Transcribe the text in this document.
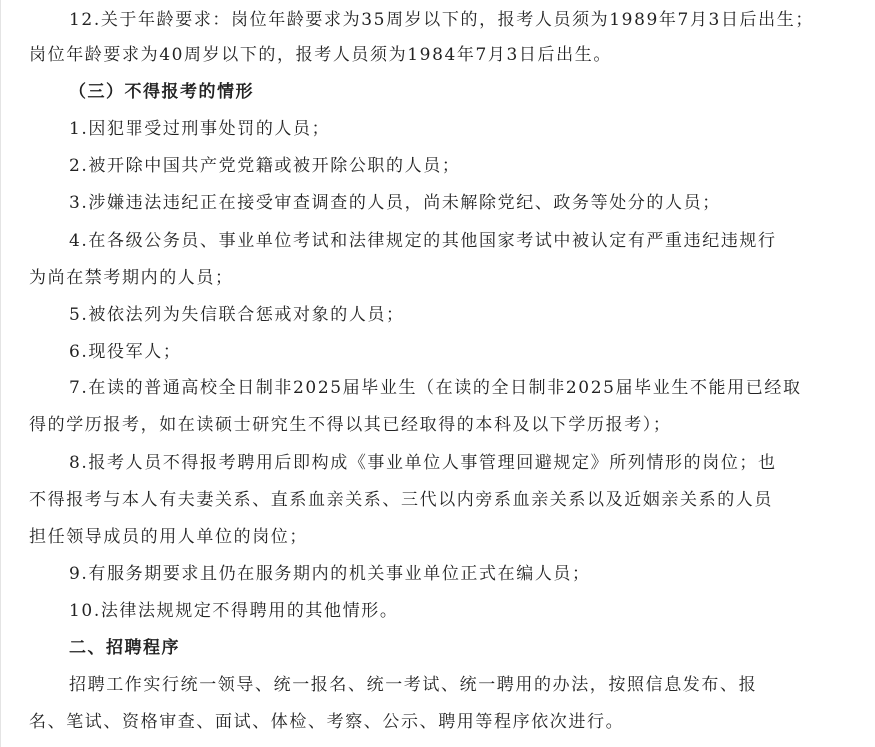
12.关于年龄要求：岗位年龄要求为35周岁以下的，报考人员须为1989年7月3日后出生；
岗位年龄要求为40周岁以下的，报考人员须为1984年7月3日后出生。
（三）不得报考的情形
1.因犯罪受过刑事处罚的人员；
2.被开除中国共产党党籍或被开除公职的人员；
3.涉嫌违法违纪正在接受审查调查的人员，尚未解除党纪、政务等处分的人员；
4.在各级公务员、事业单位考试和法律规定的其他国家考试中被认定有严重违纪违规行
为尚在禁考期内的人员；
5.被依法列为失信联合惩戒对象的人员；
6.现役军人；
7.在读的普通高校全日制非2025届毕业生（在读的全日制非2025届毕业生不能用已经取
得的学历报考，如在读硕士研究生不得以其已经取得的本科及以下学历报考）；
8.报考人员不得报考聘用后即构成《事业单位人事管理回避规定》所列情形的岗位；也
不得报考与本人有夫妻关系、直系血亲关系、三代以内旁系血亲关系以及近姻亲关系的人员
担任领导成员的用人单位的岗位；
9.有服务期要求且仍在服务期内的机关事业单位正式在编人员；
10.法律法规规定不得聘用的其他情形。
二、招聘程序
招聘工作实行统一领导、统一报名、统一考试、统一聘用的办法，按照信息发布、报
名、笔试、资格审查、面试、体检、考察、公示、聘用等程序依次进行。
